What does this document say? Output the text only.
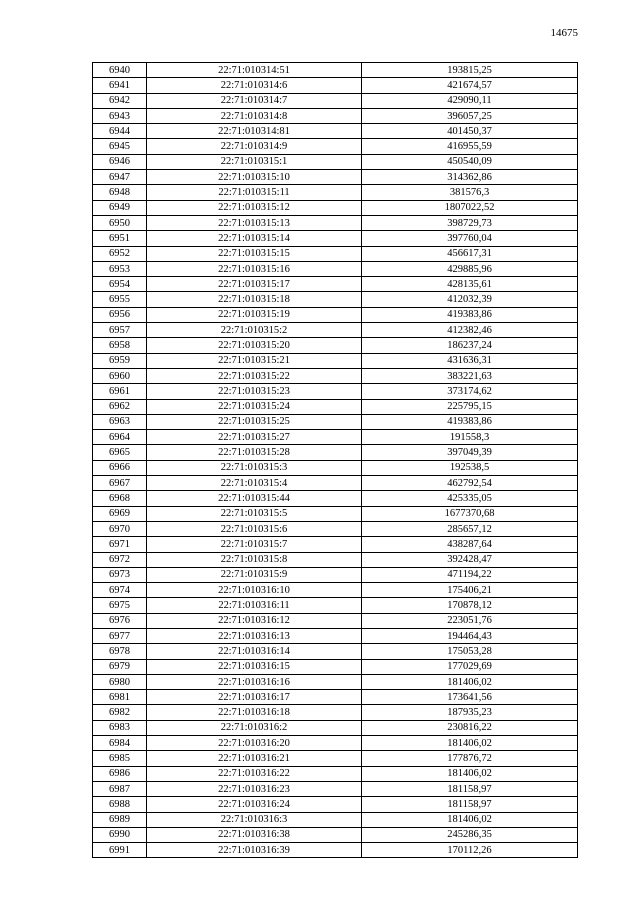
14675
6940	22:71:010314:51	193815,25
6941	22:71:010314:6	421674,57
6942	22:71:010314:7	429090,11
6943	22:71:010314:8	396057,25
6944	22:71:010314:81	401450,37
6945	22:71:010314:9	416955,59
6946	22:71:010315:1	450540,09
6947	22:71:010315:10	314362,86
6948	22:71:010315:11	381576,3
6949	22:71:010315:12	1807022,52
6950	22:71:010315:13	398729,73
6951	22:71:010315:14	397760,04
6952	22:71:010315:15	456617,31
6953	22:71:010315:16	429885,96
6954	22:71:010315:17	428135,61
6955	22:71:010315:18	412032,39
6956	22:71:010315:19	419383,86
6957	22:71:010315:2	412382,46
6958	22:71:010315:20	186237,24
6959	22:71:010315:21	431636,31
6960	22:71:010315:22	383221,63
6961	22:71:010315:23	373174,62
6962	22:71:010315:24	225795,15
6963	22:71:010315:25	419383,86
6964	22:71:010315:27	191558,3
6965	22:71:010315:28	397049,39
6966	22:71:010315:3	192538,5
6967	22:71:010315:4	462792,54
6968	22:71:010315:44	425335,05
6969	22:71:010315:5	1677370,68
6970	22:71:010315:6	285657,12
6971	22:71:010315:7	438287,64
6972	22:71:010315:8	392428,47
6973	22:71:010315:9	471194,22
6974	22:71:010316:10	175406,21
6975	22:71:010316:11	170878,12
6976	22:71:010316:12	223051,76
6977	22:71:010316:13	194464,43
6978	22:71:010316:14	175053,28
6979	22:71:010316:15	177029,69
6980	22:71:010316:16	181406,02
6981	22:71:010316:17	173641,56
6982	22:71:010316:18	187935,23
6983	22:71:010316:2	230816,22
6984	22:71:010316:20	181406,02
6985	22:71:010316:21	177876,72
6986	22:71:010316:22	181406,02
6987	22:71:010316:23	181158,97
6988	22:71:010316:24	181158,97
6989	22:71:010316:3	181406,02
6990	22:71:010316:38	245286,35
6991	22:71:010316:39	170112,26
